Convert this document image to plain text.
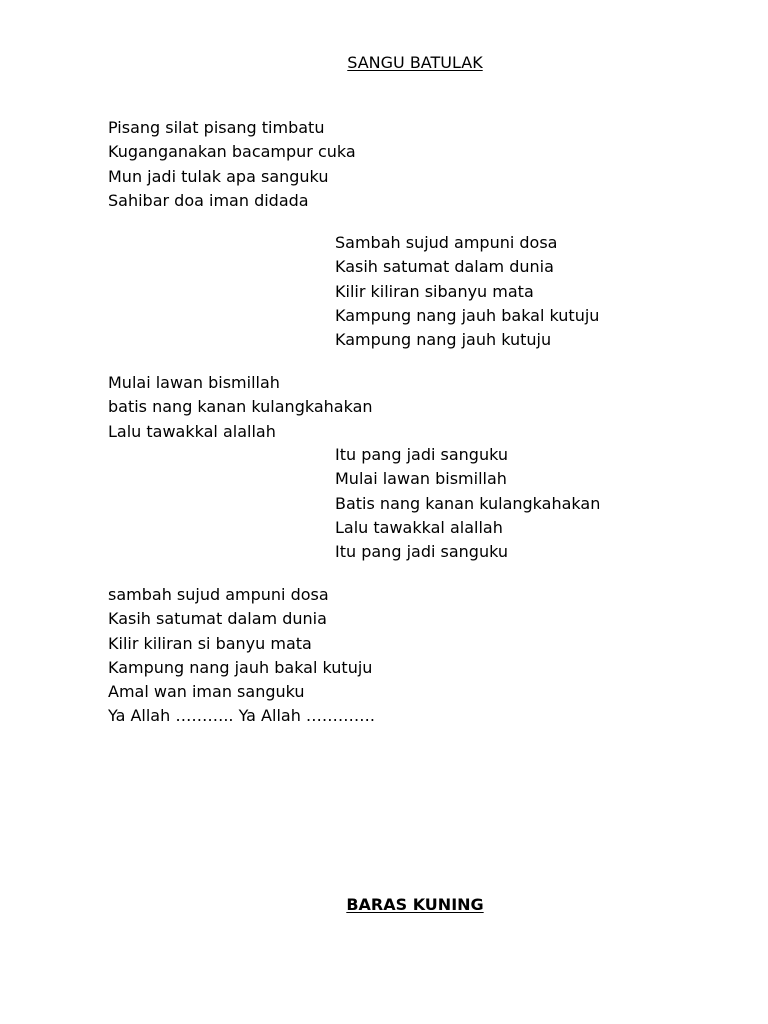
SANGU BATULAK
Pisang silat pisang timbatu
Kuganganakan bacampur cuka
Mun jadi tulak apa sanguku
Sahibar doa iman didada
Sambah sujud ampuni dosa
Kasih satumat dalam dunia
Kilir kiliran sibanyu mata
Kampung nang jauh bakal kutuju
Kampung nang jauh kutuju
Mulai lawan bismillah
batis nang kanan kulangkahakan
Lalu tawakkal alallah
Itu pang jadi sanguku
Mulai lawan bismillah
Batis nang kanan kulangkahakan
Lalu tawakkal alallah
Itu pang jadi sanguku
sambah sujud ampuni dosa
Kasih satumat dalam dunia
Kilir kiliran si banyu mata
Kampung nang jauh bakal kutuju
Amal wan iman sanguku
Ya Allah ……….. Ya Allah ………….
BARAS KUNING
